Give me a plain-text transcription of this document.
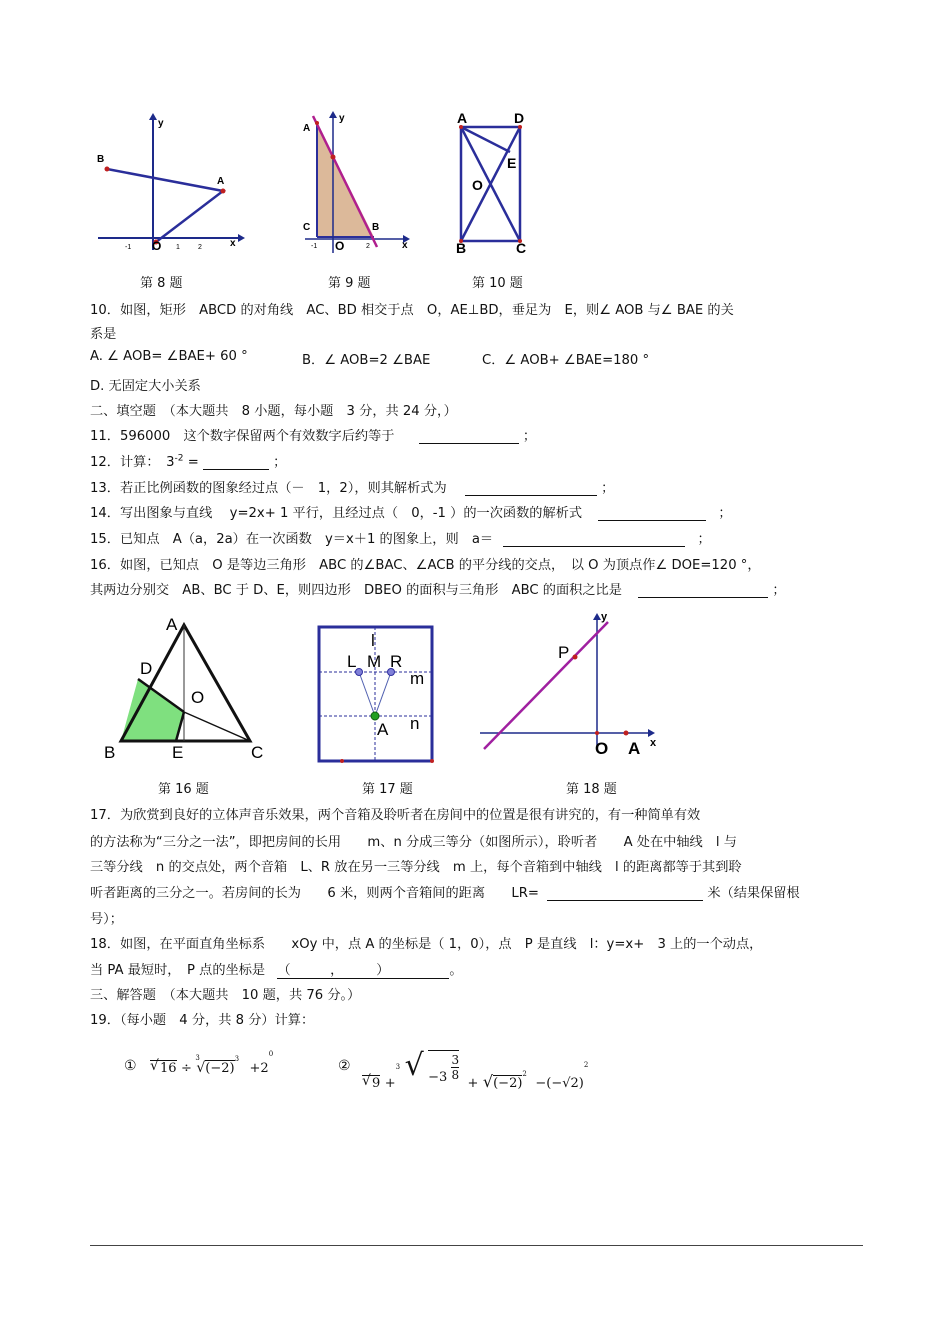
y
B
A
O	x
-1	1	2
第 8 题
y
A
C	B
O	x
-1	2
第 9 题
A	D
E
O
B	C
第 10 题
10．如图，矩形　ABCD 的对角线　AC、BD 相交于点　O，AE⊥BD，垂足为　E，则∠ AOB 与∠ BAE 的关
系是
A. ∠ AOB= ∠BAE+ 60 °	B．∠ AOB=2 ∠BAE	C．∠ AOB+ ∠BAE=180 °
D. 无固定大小关系
二、填空题　（本大题共　8 小题，每小题　3 分，共 24 分，）
11．596000　这个数字保留两个有效数字后约等于	；
12．计算：　$3^{-2}$ =	；
13．若正比例函数的图象经过点（－　1，2），则其解析式为	；
14．写出图象与直线　 y=2x+ 1 平行，且经过点（　0，-1 ）的一次函数的解析式	；
15．已知点　A（a，2a）在一次函数　y＝x＋1 的图象上，则　a＝	；
16．如图，已知点　O 是等边三角形　ABC 的∠BAC、∠ACB 的平分线的交点，　以 O 为顶点作∠ DOE=120 °，
其两边分别交　AB、BC 于 D、E，则四边形　DBEO 的面积与三角形　ABC 的面积之比是	；
A
D
O
B	E	C
第 16 题
l
L M R
m
A n
第 17 题
y
P
O A x
第 18 题
17．为欣赏到良好的立体声音乐效果，两个音箱及聆听者在房间中的位置是很有讲究的，有一种简单有效
的方法称为“三分之一法”，即把房间的长用　　m、n 分成三等分（如图所示），聆听者　　A 处在中轴线　l 与
三等分线　n 的交点处，两个音箱　L、R 放在另一三等分线　m 上，每个音箱到中轴线　l 的距离都等于其到聆
听者距离的三分之一。若房间的长为　　6 米，则两个音箱间的距离　　LR=	米（结果保留根
号）；
18．如图，在平面直角坐标系　　xOy 中，点 A 的坐标是（ 1，0），点　P 是直线　l：y=x+　3 上的一个动点，
当 PA 最短时，　P 点的坐标是 （　　　，　　　）	。
三、解答题　（本大题共　10 题，共 76 分。）
19．（每小题　4 分，共 8 分）计算：
① √ 16 ÷
3
$√(-2)^3 +2^0$
②
√ 9 +$^3$ √ $-3 \frac{3}{8}$
+ $√(-2)^2 -(-√2)^2$
